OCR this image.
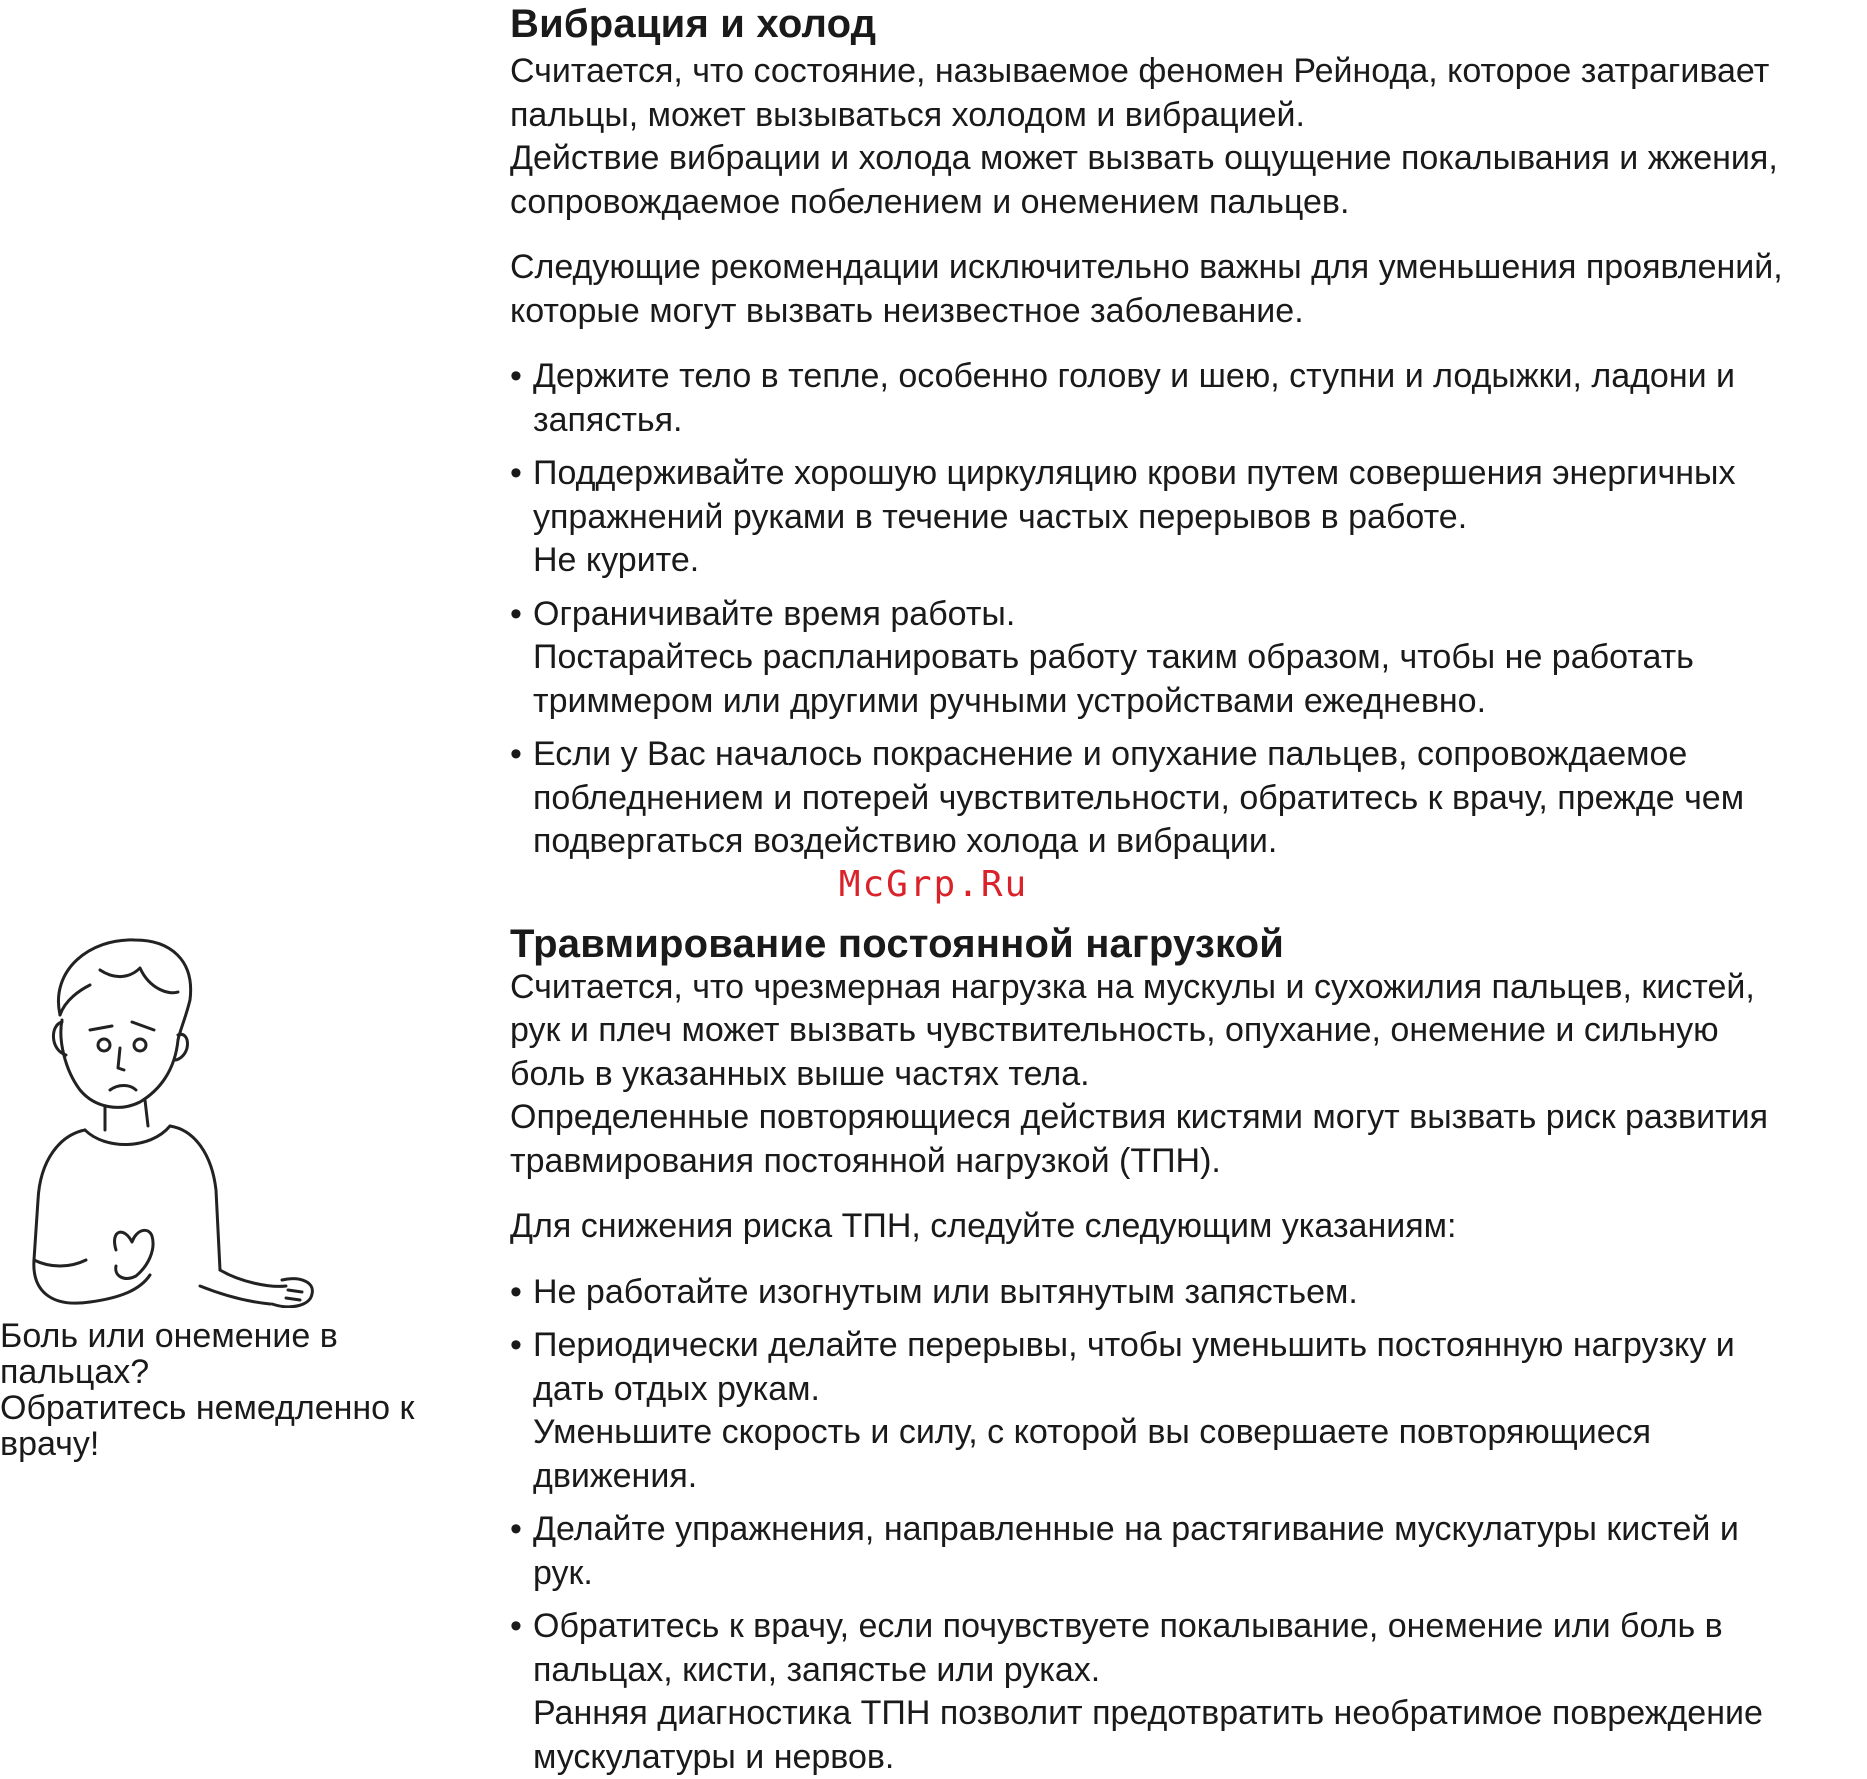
Вибрация и холод
Считается, что состояние, называемое феномен Рейнода, которое затрагивает
пальцы, может вызываться холодом и вибрацией.
Действие вибрации и холода может вызвать ощущение покалывания и жжения,
сопровождаемое побелением и онемением пальцев.
Следующие рекомендации исключительно важны для уменьшения проявлений,
которые могут вызвать неизвестное заболевание.
• Держите тело в тепле, особенно голову и шею, ступни и лодыжки, ладони и
запястья.
• Поддерживайте хорошую циркуляцию крови путем совершения энергичных
упражнений руками в течение частых перерывов в работе.
Не курите.
• Ограничивайте время работы.
Постарайтесь распланировать работу таким образом, чтобы не работать
триммером или другими ручными устройствами ежедневно.
• Если у Вас началось покраснение и опухание пальцев, сопровождаемое
побледнением и потерей чувствительности, обратитесь к врачу, прежде чем
подвергаться воздействию холода и вибрации.
Травмирование постоянной нагрузкой
Считается, что чрезмерная нагрузка на мускулы и сухожилия пальцев, кистей,
рук и плеч может вызвать чувствительность, опухание, онемение и сильную
боль в указанных выше частях тела.
Определенные повторяющиеся действия кистями могут вызвать риск развития
травмирования постоянной нагрузкой (ТПН).
Для снижения риска ТПН, следуйте следующим указаниям:
• Не работайте изогнутым или вытянутым запястьем.
• Периодически делайте перерывы, чтобы уменьшить постоянную нагрузку и
дать отдых рукам.
Уменьшите скорость и силу, с которой вы совершаете повторяющиеся
движения.
• Делайте упражнения, направленные на растягивание мускулатуры кистей и
рук.
• Обратитесь к врачу, если почувствуете покалывание, онемение или боль в
пальцах, кисти, запястье или руках.
Ранняя диагностика ТПН позволит предотвратить необратимое повреждение
мускулатуры и нервов.
McGrp.Ru
Боль или онемение в
пальцах?
Обратитесь немедленно к
врачу!
